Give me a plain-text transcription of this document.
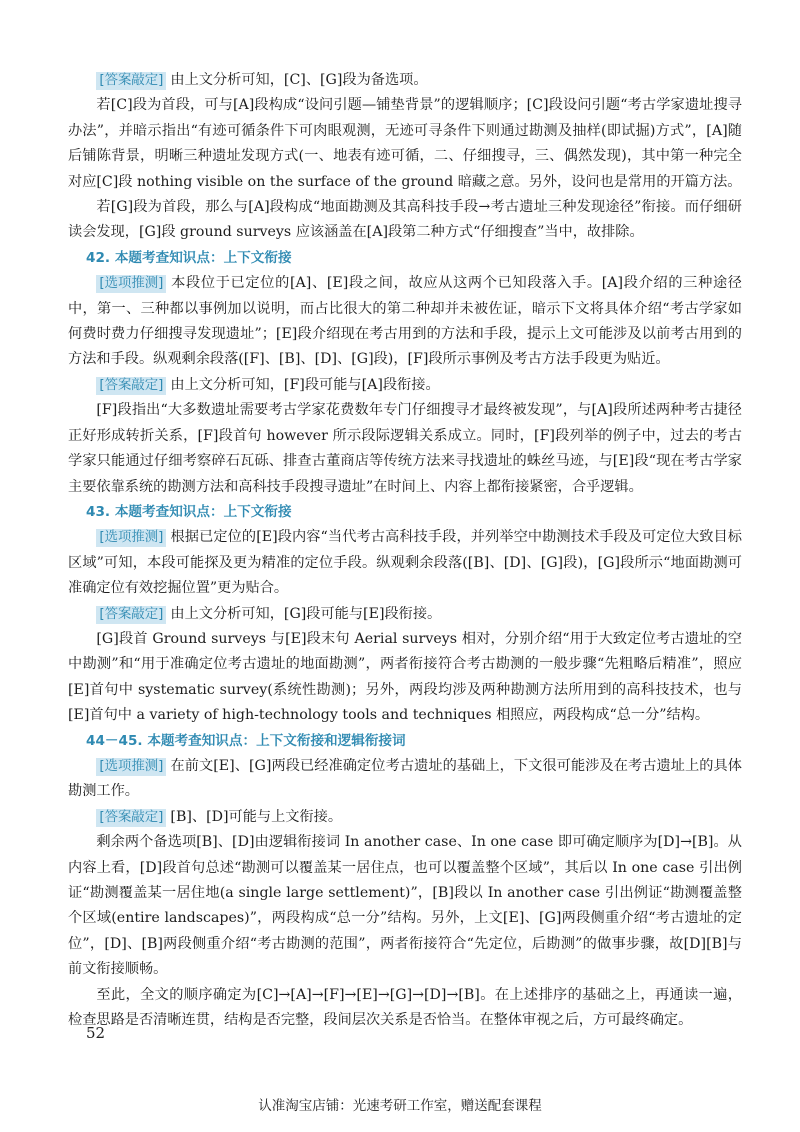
[答案敲定] 由上文分析可知，[C]、[G]段为备选项。

若[C]段为首段，可与[A]段构成“设问引题—铺垫背景”的逻辑顺序；[C]段设问引题“考古学家遗址搜寻办法”，并暗示指出“有迹可循条件下可肉眼观测，无迹可寻条件下则通过勘测及抽样(即试掘)方式”，[A]随后铺陈背景，明晰三种遗址发现方式(一、地表有迹可循，二、仔细搜寻，三、偶然发现)，其中第一种完全对应[C]段 nothing visible on the surface of the ground 暗藏之意。另外，设问也是常用的开篇方法。

若[G]段为首段，那么与[A]段构成“地面勘测及其高科技手段→考古遗址三种发现途径”衔接。而仔细研读会发现，[G]段 ground surveys 应该涵盖在[A]段第二种方式“仔细搜查”当中，故排除。

42. 本题考查知识点：上下文衔接

[选项推测] 本段位于已定位的[A]、[E]段之间，故应从这两个已知段落入手。[A]段介绍的三种途径中，第一、三种都以事例加以说明，而占比很大的第二种却并未被佐证，暗示下文将具体介绍“考古学家如何费时费力仔细搜寻发现遗址”；[E]段介绍现在考古用到的方法和手段，提示上文可能涉及以前考古用到的方法和手段。纵观剩余段落([F]、[B]、[D]、[G]段)，[F]段所示事例及考古方法手段更为贴近。

[答案敲定] 由上文分析可知，[F]段可能与[A]段衔接。

[F]段指出“大多数遗址需要考古学家花费数年专门仔细搜寻才最终被发现”，与[A]段所述两种考古捷径正好形成转折关系，[F]段首句 however 所示段际逻辑关系成立。同时，[F]段列举的例子中，过去的考古学家只能通过仔细考察碎石瓦砾、排查古董商店等传统方法来寻找遗址的蛛丝马迹，与[E]段“现在考古学家主要依靠系统的勘测方法和高科技手段搜寻遗址”在时间上、内容上都衔接紧密，合乎逻辑。

43. 本题考查知识点：上下文衔接

[选项推测] 根据已定位的[E]段内容“当代考古高科技手段，并列举空中勘测技术手段及可定位大致目标区域”可知，本段可能探及更为精准的定位手段。纵观剩余段落([B]、[D]、[G]段)，[G]段所示“地面勘测可准确定位有效挖掘位置”更为贴合。

[答案敲定] 由上文分析可知，[G]段可能与[E]段衔接。

[G]段首 Ground surveys 与[E]段末句 Aerial surveys 相对，分别介绍“用于大致定位考古遗址的空中勘测”和“用于准确定位考古遗址的地面勘测”，两者衔接符合考古勘测的一般步骤“先粗略后精准”，照应[E]首句中 systematic survey(系统性勘测)；另外，两段均涉及两种勘测方法所用到的高科技技术，也与[E]首句中 a variety of high-technology tools and techniques 相照应，两段构成“总一分”结构。

44－45. 本题考查知识点：上下文衔接和逻辑衔接词

[选项推测] 在前文[E]、[G]两段已经准确定位考古遗址的基础上，下文很可能涉及在考古遗址上的具体勘测工作。

[答案敲定] [B]、[D]可能与上文衔接。

剩余两个备选项[B]、[D]由逻辑衔接词 In another case、In one case 即可确定顺序为[D]→[B]。从内容上看，[D]段首句总述“勘测可以覆盖某一居住点，也可以覆盖整个区域”，其后以 In one case 引出例证“勘测覆盖某一居住地(a single large settlement)”，[B]段以 In another case 引出例证“勘测覆盖整个区域(entire landscapes)”，两段构成“总一分”结构。另外，上文[E]、[G]两段侧重介绍“考古遗址的定位”，[D]、[B]两段侧重介绍“考古勘测的范围”，两者衔接符合“先定位，后勘测”的做事步骤，故[D][B]与前文衔接顺畅。

至此，全文的顺序确定为[C]→[A]→[F]→[E]→[G]→[D]→[B]。在上述排序的基础之上，再通读一遍，检查思路是否清晰连贯，结构是否完整，段间层次关系是否恰当。在整体审视之后，方可最终确定。

52
认准淘宝店铺：光速考研工作室，赠送配套课程
